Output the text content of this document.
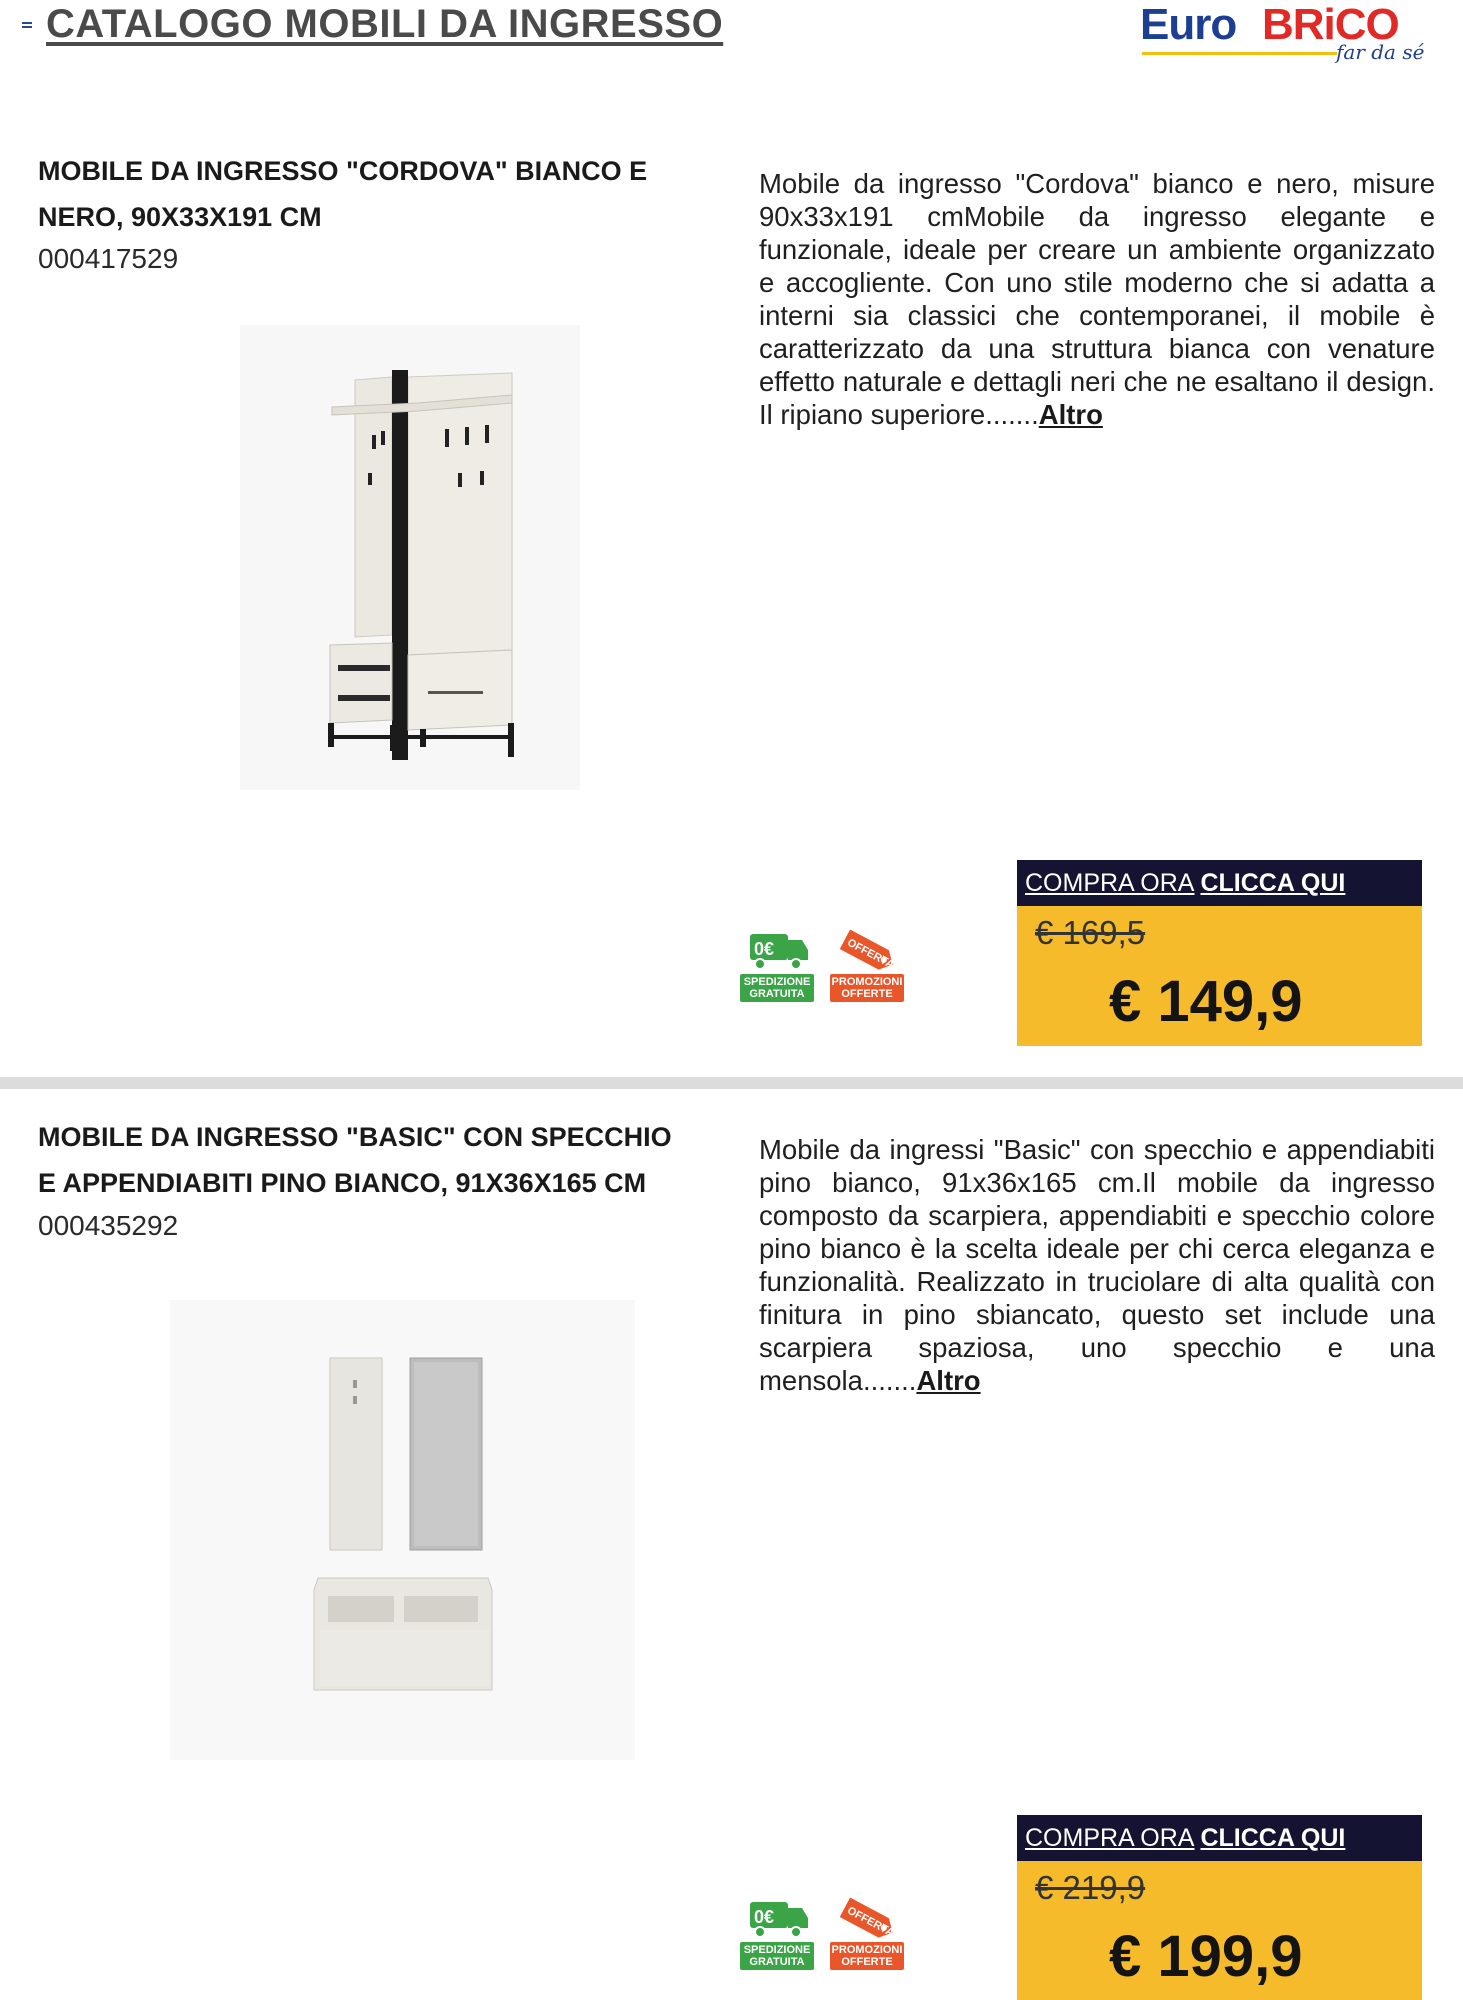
CATALOGO MOBILI DA INGRESSO	Euro BRiCO
far da sé
MOBILE DA INGRESSO "CORDOVA" BIANCO E NERO, 90X33X191 CM
000417529
Mobile da ingresso "Cordova" bianco e nero, misure 90x33x191 cmMobile da ingresso elegante e funzionale, ideale per creare un ambiente organizzato e accogliente. Con uno stile moderno che si adatta a interni sia classici che contemporanei, il mobile è caratterizzato da una struttura bianca con venature effetto naturale e dettagli neri che ne esaltano il design. Il ripiano superiore.......Altro
0€
SPEDIZIONE
GRATUITA
OFFERTA
PROMOZIONI
OFFERTE
COMPRA ORA CLICCA QUI
€ 169,5
€ 149,9
MOBILE DA INGRESSO "BASIC" CON SPECCHIO E APPENDIABITI PINO BIANCO, 91X36X165 CM
000435292
Mobile da ingressi "Basic" con specchio e appendiabiti pino bianco, 91x36x165 cm.Il mobile da ingresso composto da scarpiera, appendiabiti e specchio colore pino bianco è la scelta ideale per chi cerca eleganza e funzionalità. Realizzato in truciolare di alta qualità con finitura in pino sbiancato, questo set include una scarpiera spaziosa, uno specchio e una mensola.......Altro
0€
SPEDIZIONE
GRATUITA
OFFERTA
PROMOZIONI
OFFERTE
COMPRA ORA CLICCA QUI
€ 219,9
€ 199,9
